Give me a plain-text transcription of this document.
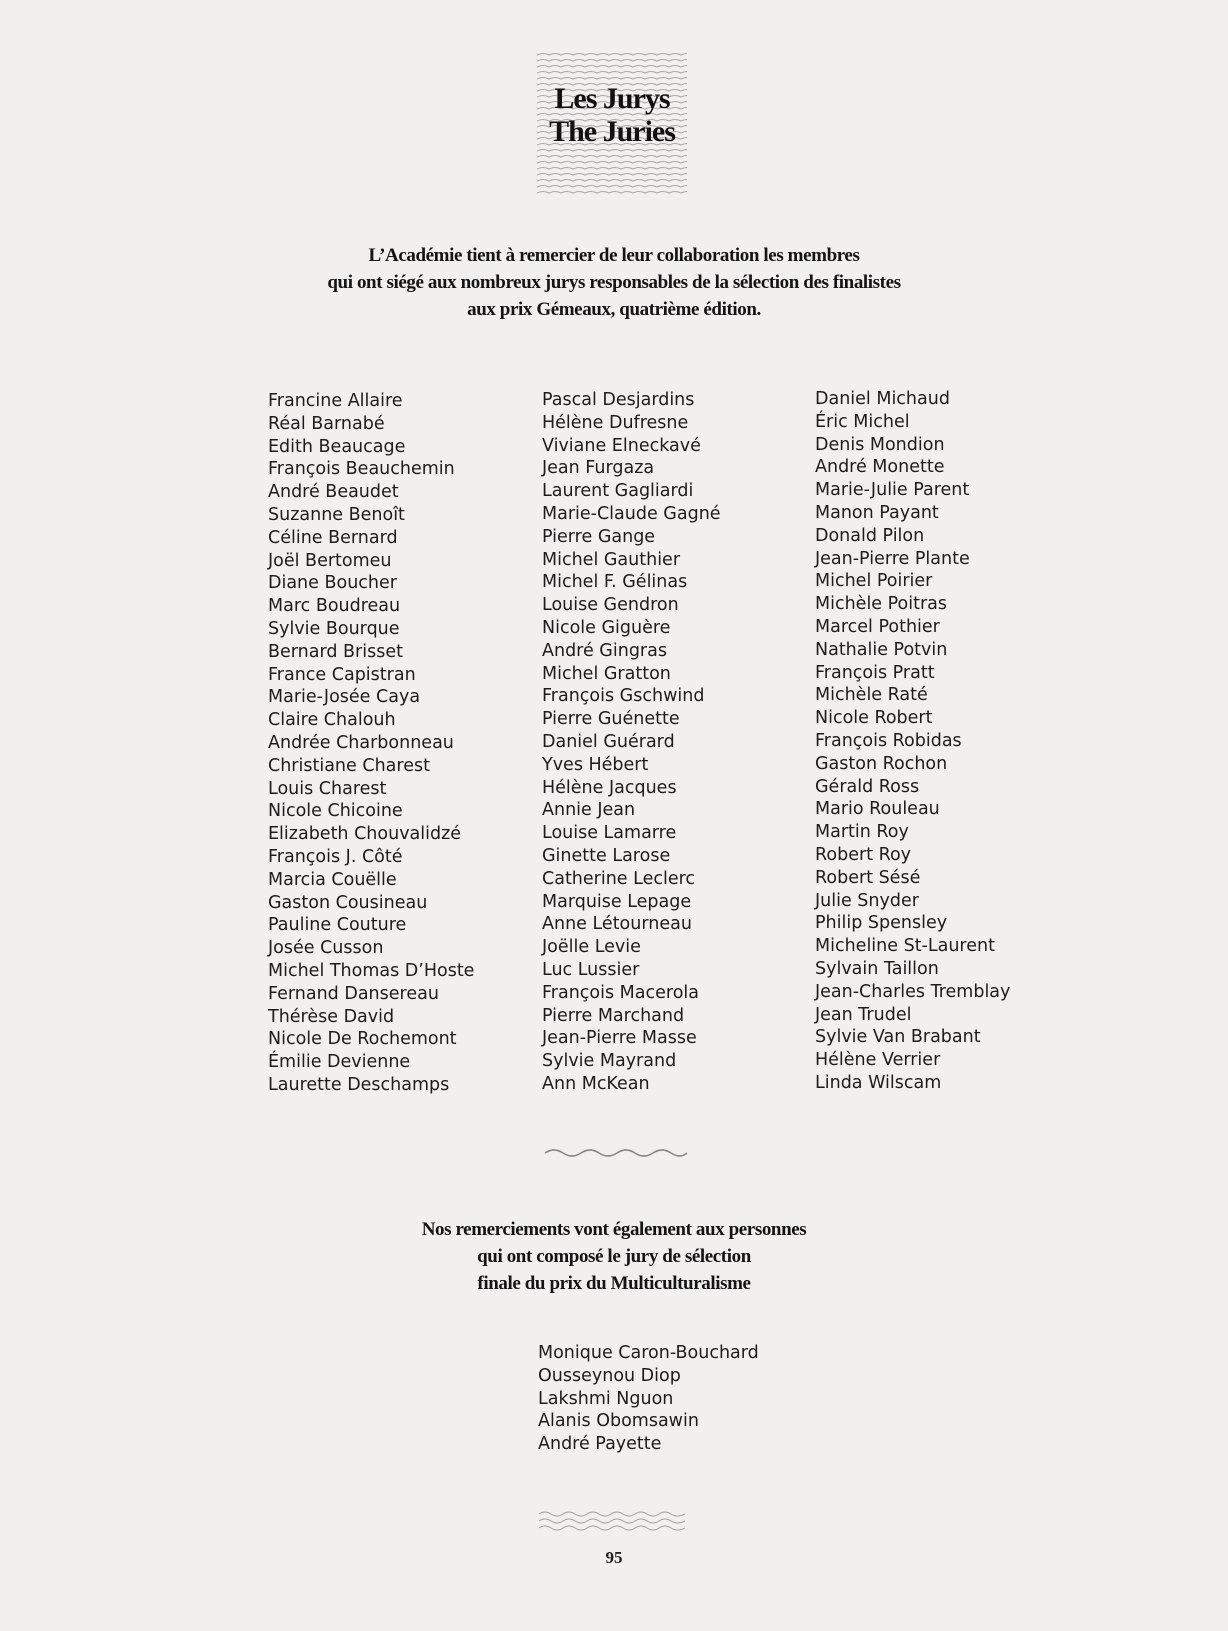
Les Jurys
The Juries
L’Académie tient à remercier de leur collaboration les membres
qui ont siégé aux nombreux jurys responsables de la sélection des finalistes
aux prix Gémeaux, quatrième édition.
Francine Allaire
Réal Barnabé
Edith Beaucage
François Beauchemin
André Beaudet
Suzanne Benoît
Céline Bernard
Joël Bertomeu
Diane Boucher
Marc Boudreau
Sylvie Bourque
Bernard Brisset
France Capistran
Marie-Josée Caya
Claire Chalouh
Andrée Charbonneau
Christiane Charest
Louis Charest
Nicole Chicoine
Elizabeth Chouvalidzé
François J. Côté
Marcia Couëlle
Gaston Cousineau
Pauline Couture
Josée Cusson
Michel Thomas D’Hoste
Fernand Dansereau
Thérèse David
Nicole De Rochemont
Émilie Devienne
Laurette Deschamps
Pascal Desjardins
Hélène Dufresne
Viviane Elneckavé
Jean Furgaza
Laurent Gagliardi
Marie-Claude Gagné
Pierre Gange
Michel Gauthier
Michel F. Gélinas
Louise Gendron
Nicole Giguère
André Gingras
Michel Gratton
François Gschwind
Pierre Guénette
Daniel Guérard
Yves Hébert
Hélène Jacques
Annie Jean
Louise Lamarre
Ginette Larose
Catherine Leclerc
Marquise Lepage
Anne Létourneau
Joëlle Levie
Luc Lussier
François Macerola
Pierre Marchand
Jean-Pierre Masse
Sylvie Mayrand
Ann McKean
Daniel Michaud
Éric Michel
Denis Mondion
André Monette
Marie-Julie Parent
Manon Payant
Donald Pilon
Jean-Pierre Plante
Michel Poirier
Michèle Poitras
Marcel Pothier
Nathalie Potvin
François Pratt
Michèle Raté
Nicole Robert
François Robidas
Gaston Rochon
Gérald Ross
Mario Rouleau
Martin Roy
Robert Roy
Robert Sésé
Julie Snyder
Philip Spensley
Micheline St-Laurent
Sylvain Taillon
Jean-Charles Tremblay
Jean Trudel
Sylvie Van Brabant
Hélène Verrier
Linda Wilscam
Nos remerciements vont également aux personnes
qui ont composé le jury de sélection
finale du prix du Multiculturalisme
Monique Caron-Bouchard
Ousseynou Diop
Lakshmi Nguon
Alanis Obomsawin
André Payette
95
